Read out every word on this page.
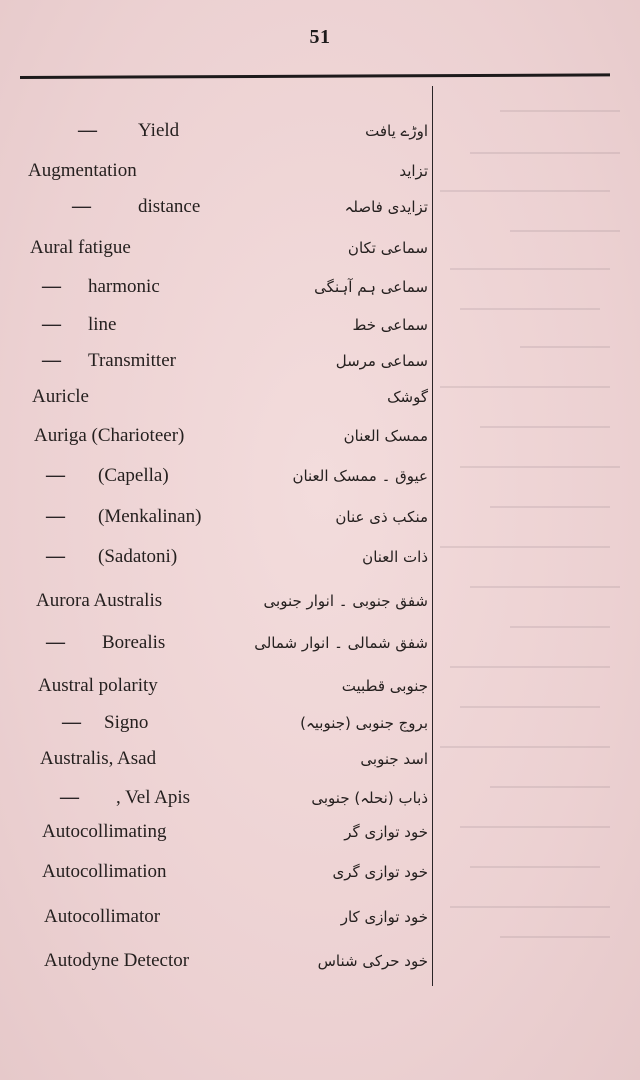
51
— Yield	اوڑے یافت
Augmentation	تزاید
— distance	تزایدی فاصلہ
Aural fatigue	سماعی تکان
— harmonic	سماعی ہم آہنگی
— line	سماعی خط
— Transmitter	سماعی مرسل
Auricle	گوشک
Auriga (Charioteer)	ممسک العنان
— (Capella)	عیوق ۔ ممسک العنان
— (Menkalinan)	منکب ذی عنان
— (Sadatoni)	ذات العنان
Aurora Australis	شفق جنوبی ۔ انوار جنوبی
— Borealis	شفق شمالی ۔ انوار شمالی
Austral polarity	جنوبی قطبیت
— Signo	بروج جنوبی (جنوبیہ)
Australis, Asad	اسد جنوبی
— , Vel Apis	ذباب (نحلہ) جنوبی
Autocollimating	خود توازی گر
Autocollimation	خود توازی گری
Autocollimator	خود توازی کار
Autodyne Detector	خود حرکی شناس
